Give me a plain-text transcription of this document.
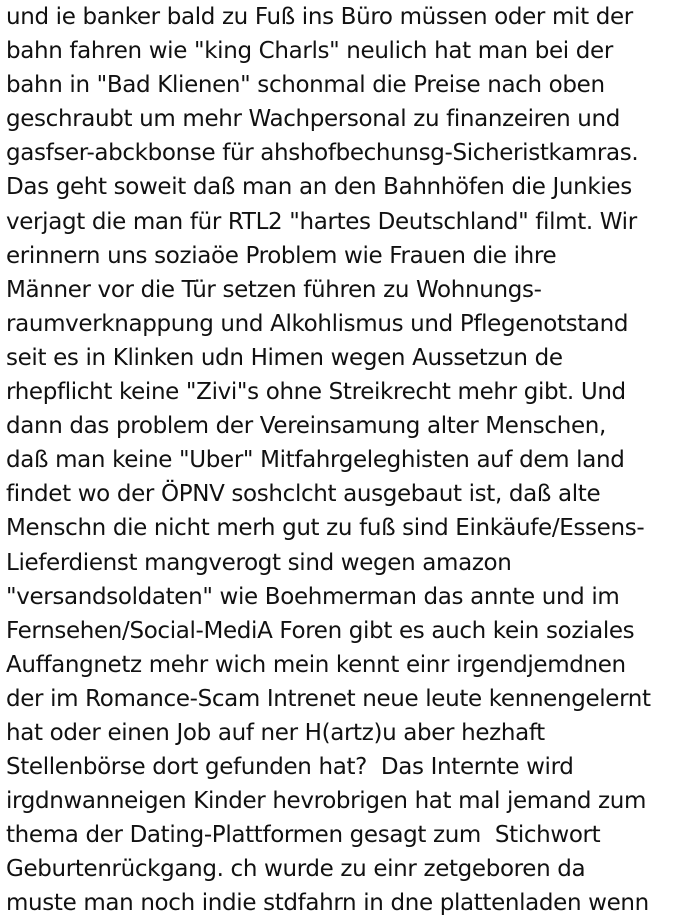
und ie banker bald zu Fuß ins Büro müssen oder mit der
bahn fahren wie "king Charls" neulich hat man bei der
bahn in "Bad Klienen" schonmal die Preise nach oben
geschraubt um mehr Wachpersonal zu finanzeiren und
gasfser-abckbonse für ahshofbechunsg-Sicheristkamras.
Das geht soweit daß man an den Bahnhöfen die Junkies
verjagt die man für RTL2 "hartes Deutschland" filmt. Wir
erinnern uns soziaöe Problem wie Frauen die ihre
Männer vor die Tür setzen führen zu Wohnungs-
raumverknappung und Alkohlismus und Pflegenotstand
seit es in Klinken udn Himen wegen Aussetzun de
rhepflicht keine "Zivi"s ohne Streikrecht mehr gibt. Und
dann das problem der Vereinsamung alter Menschen,
daß man keine "Uber" Mitfahrgeleghisten auf dem land
findet wo der ÖPNV soshclcht ausgebaut ist, daß alte
Menschn die nicht merh gut zu fuß sind Einkäufe/Essens-
Lieferdienst mangverogt sind wegen amazon
"versandsoldaten" wie Boehmerman das annte und im
Fernsehen/Social-MediA Foren gibt es auch kein soziales
Auffangnetz mehr wich mein kennt einr irgendjemdnen
der im Romance-Scam Intrenet neue leute kennengelernt
hat oder einen Job auf ner H(artz)u aber hezhaft
Stellenbörse dort gefunden hat?  Das Internte wird
irgdnwanneigen Kinder hevrobrigen hat mal jemand zum
thema der Dating-Plattformen gesagt zum  Stichwort
Geburtenrückgang. ch wurde zu einr zetgeboren da
muste man noch indie stdfahrn in dne plattenladen wenn
